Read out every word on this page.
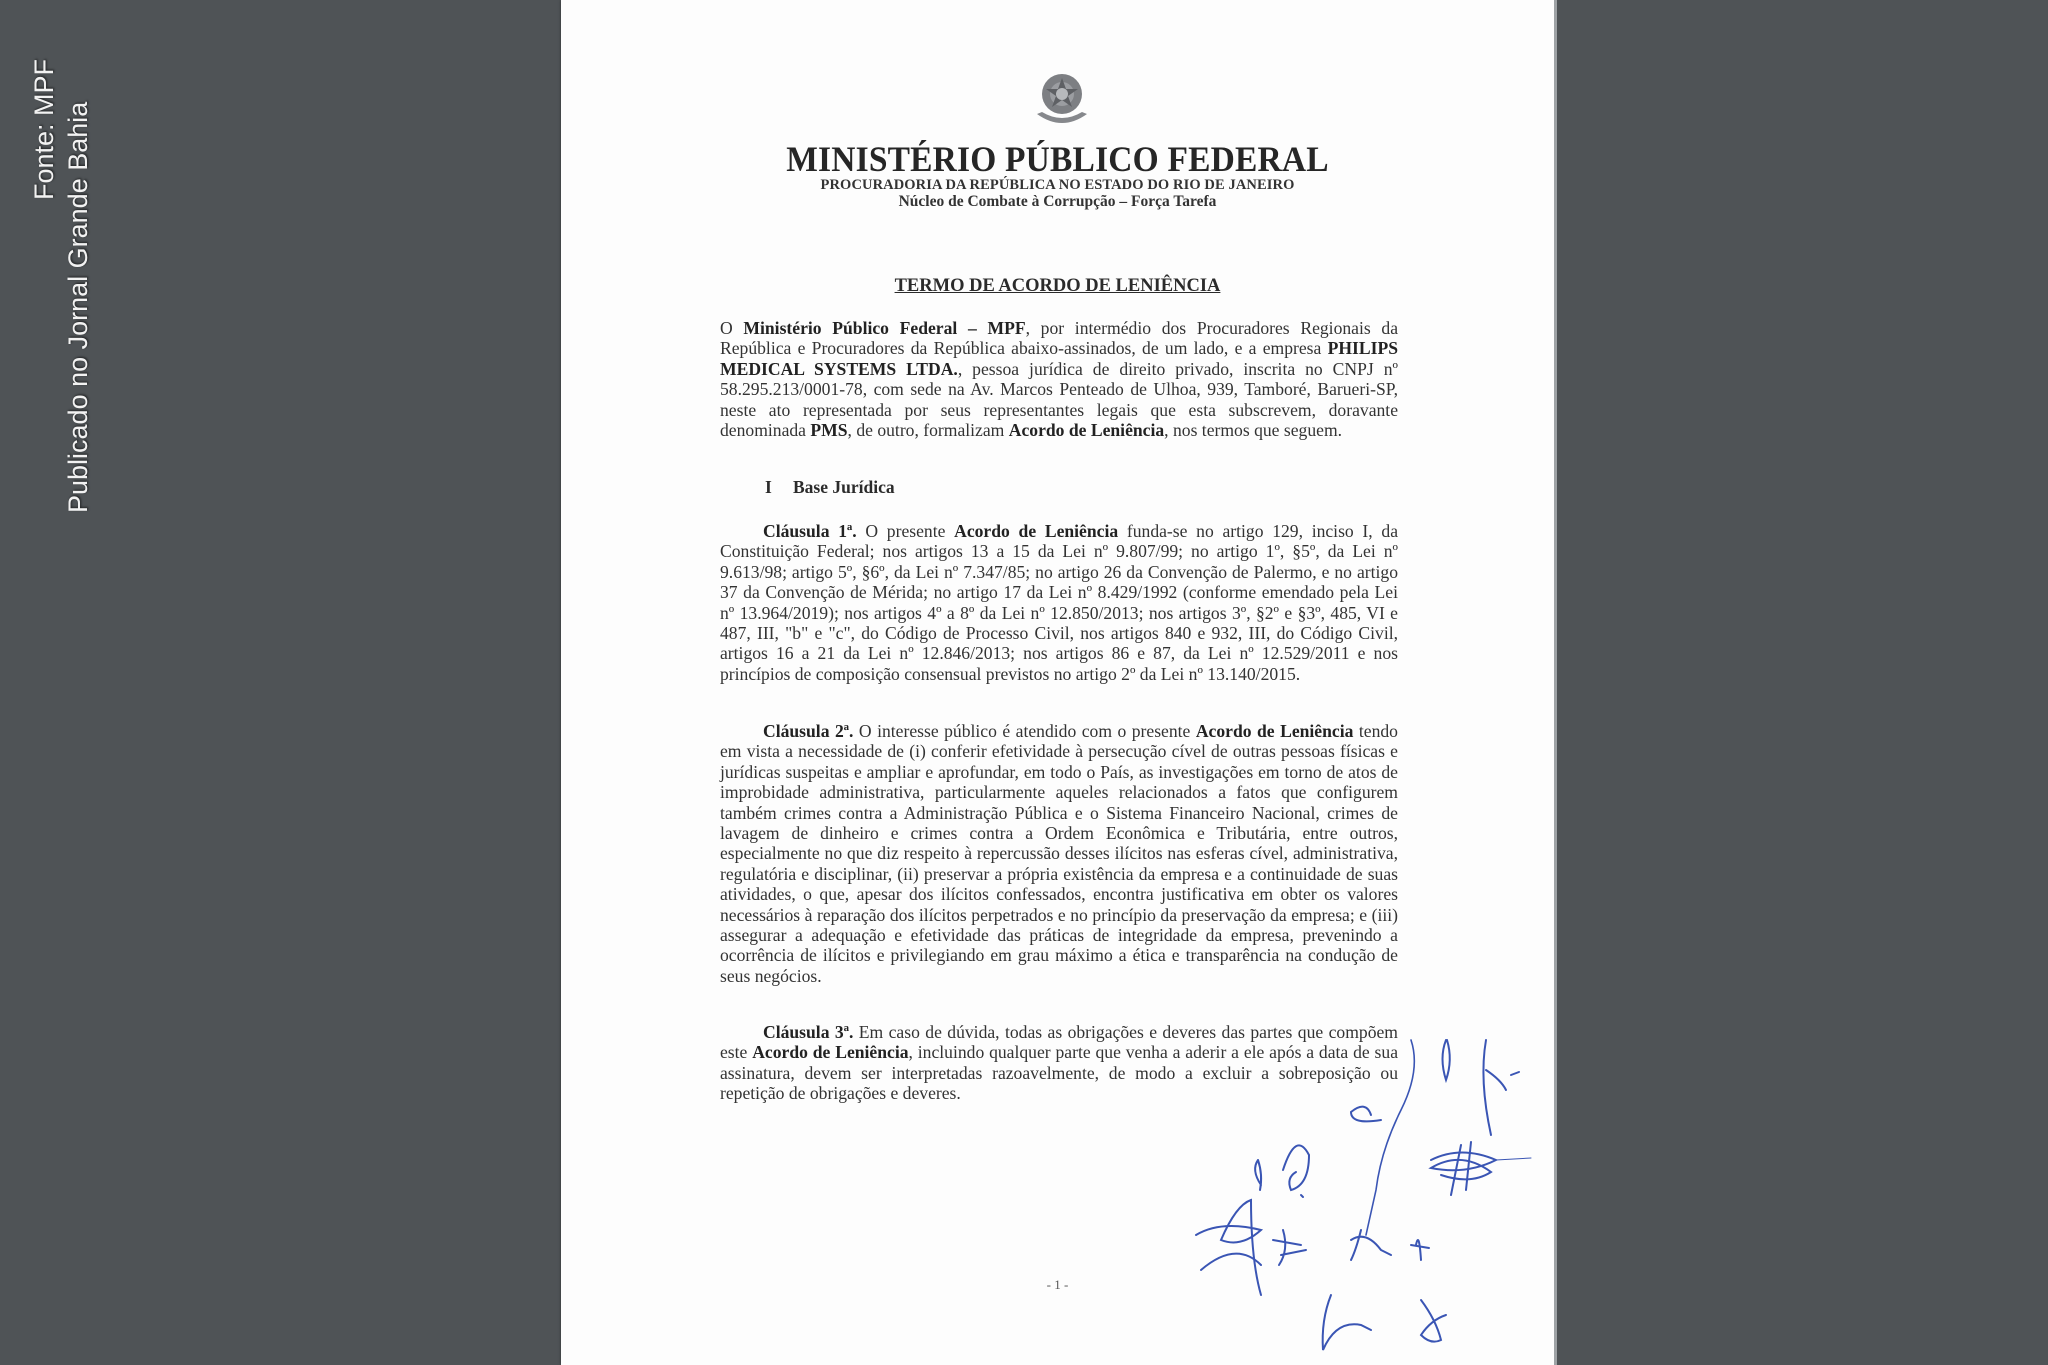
Fonte: MPF Publicado no Jornal Grande Bahia	MINISTÉRIO PÚBLICO FEDERAL
PROCURADORIA DA REPÚBLICA NO ESTADO DO RIO DE JANEIRO
Núcleo de Combate à Corrupção – Força Tarefa
TERMO DE ACORDO DE LENIÊNCIA
O Ministério Público Federal – MPF, por intermédio dos Procuradores Regionais da República e Procuradores da República abaixo-assinados, de um lado, e a empresa PHILIPS MEDICAL SYSTEMS LTDA., pessoa jurídica de direito privado, inscrita no CNPJ nº 58.295.213/0001-78, com sede na Av. Marcos Penteado de Ulhoa, 939, Tamboré, Barueri-SP, neste ato representada por seus representantes legais que esta subscrevem, doravante denominada PMS, de outro, formalizam Acordo de Leniência, nos termos que seguem.
I Base Jurídica
Cláusula 1ª. O presente Acordo de Leniência funda-se no artigo 129, inciso I, da Constituição Federal; nos artigos 13 a 15 da Lei nº 9.807/99; no artigo 1º, §5º, da Lei nº 9.613/98; artigo 5º, §6º, da Lei nº 7.347/85; no artigo 26 da Convenção de Palermo, e no artigo 37 da Convenção de Mérida; no artigo 17 da Lei nº 8.429/1992 (conforme emendado pela Lei nº 13.964/2019); nos artigos 4º a 8º da Lei nº 12.850/2013; nos artigos 3º, §2º e §3º, 485, VI e 487, III, "b" e "c", do Código de Processo Civil, nos artigos 840 e 932, III, do Código Civil, artigos 16 a 21 da Lei nº 12.846/2013; nos artigos 86 e 87, da Lei nº 12.529/2011 e nos princípios de composição consensual previstos no artigo 2º da Lei nº 13.140/2015.
Cláusula 2ª. O interesse público é atendido com o presente Acordo de Leniência tendo em vista a necessidade de (i) conferir efetividade à persecução cível de outras pessoas físicas e jurídicas suspeitas e ampliar e aprofundar, em todo o País, as investigações em torno de atos de improbidade administrativa, particularmente aqueles relacionados a fatos que configurem também crimes contra a Administração Pública e o Sistema Financeiro Nacional, crimes de lavagem de dinheiro e crimes contra a Ordem Econômica e Tributária, entre outros, especialmente no que diz respeito à repercussão desses ilícitos nas esferas cível, administrativa, regulatória e disciplinar, (ii) preservar a própria existência da empresa e a continuidade de suas atividades, o que, apesar dos ilícitos confessados, encontra justificativa em obter os valores necessários à reparação dos ilícitos perpetrados e no princípio da preservação da empresa; e (iii) assegurar a adequação e efetividade das práticas de integridade da empresa, prevenindo a ocorrência de ilícitos e privilegiando em grau máximo a ética e transparência na condução de seus negócios.
Cláusula 3ª. Em caso de dúvida, todas as obrigações e deveres das partes que compõem este Acordo de Leniência, incluindo qualquer parte que venha a aderir a ele após a data de sua assinatura, devem ser interpretadas razoavelmente, de modo a excluir a sobreposição ou repetição de obrigações e deveres.
- 1 -
